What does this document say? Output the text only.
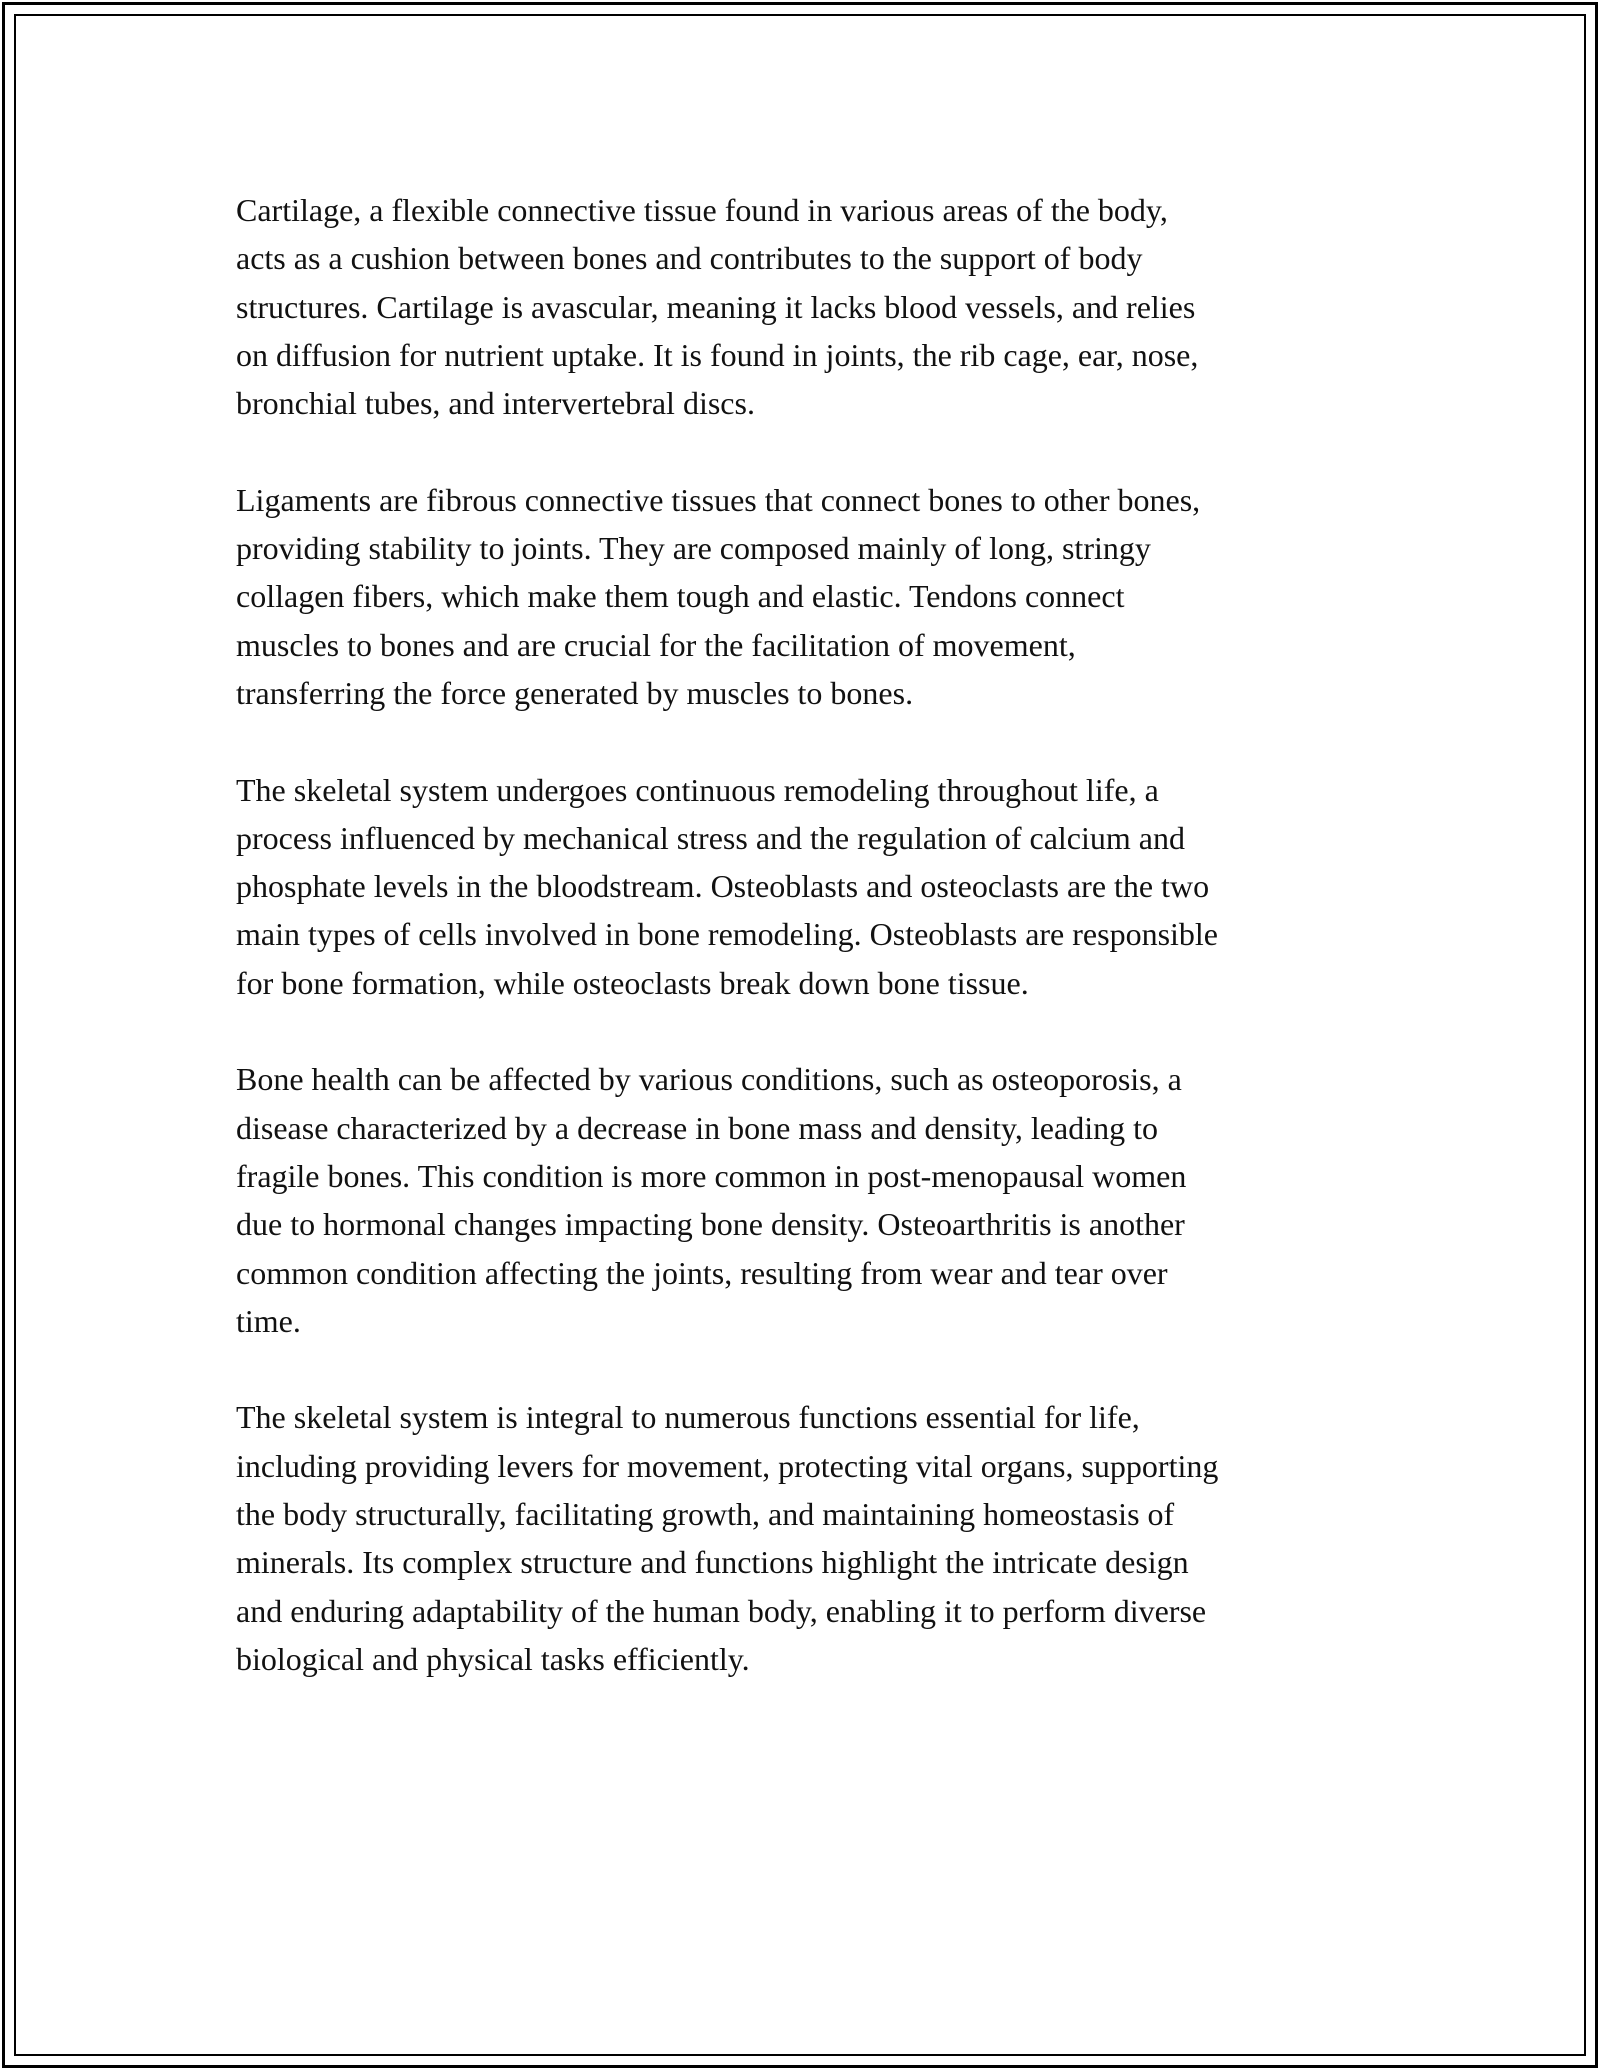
Cartilage, a flexible connective tissue found in various areas of the body,
acts as a cushion between bones and contributes to the support of body
structures. Cartilage is avascular, meaning it lacks blood vessels, and relies
on diffusion for nutrient uptake. It is found in joints, the rib cage, ear, nose,
bronchial tubes, and intervertebral discs.

Ligaments are fibrous connective tissues that connect bones to other bones,
providing stability to joints. They are composed mainly of long, stringy
collagen fibers, which make them tough and elastic. Tendons connect
muscles to bones and are crucial for the facilitation of movement,
transferring the force generated by muscles to bones.

The skeletal system undergoes continuous remodeling throughout life, a
process influenced by mechanical stress and the regulation of calcium and
phosphate levels in the bloodstream. Osteoblasts and osteoclasts are the two
main types of cells involved in bone remodeling. Osteoblasts are responsible
for bone formation, while osteoclasts break down bone tissue.

Bone health can be affected by various conditions, such as osteoporosis, a
disease characterized by a decrease in bone mass and density, leading to
fragile bones. This condition is more common in post-menopausal women
due to hormonal changes impacting bone density. Osteoarthritis is another
common condition affecting the joints, resulting from wear and tear over
time.

The skeletal system is integral to numerous functions essential for life,
including providing levers for movement, protecting vital organs, supporting
the body structurally, facilitating growth, and maintaining homeostasis of
minerals. Its complex structure and functions highlight the intricate design
and enduring adaptability of the human body, enabling it to perform diverse
biological and physical tasks efficiently.
